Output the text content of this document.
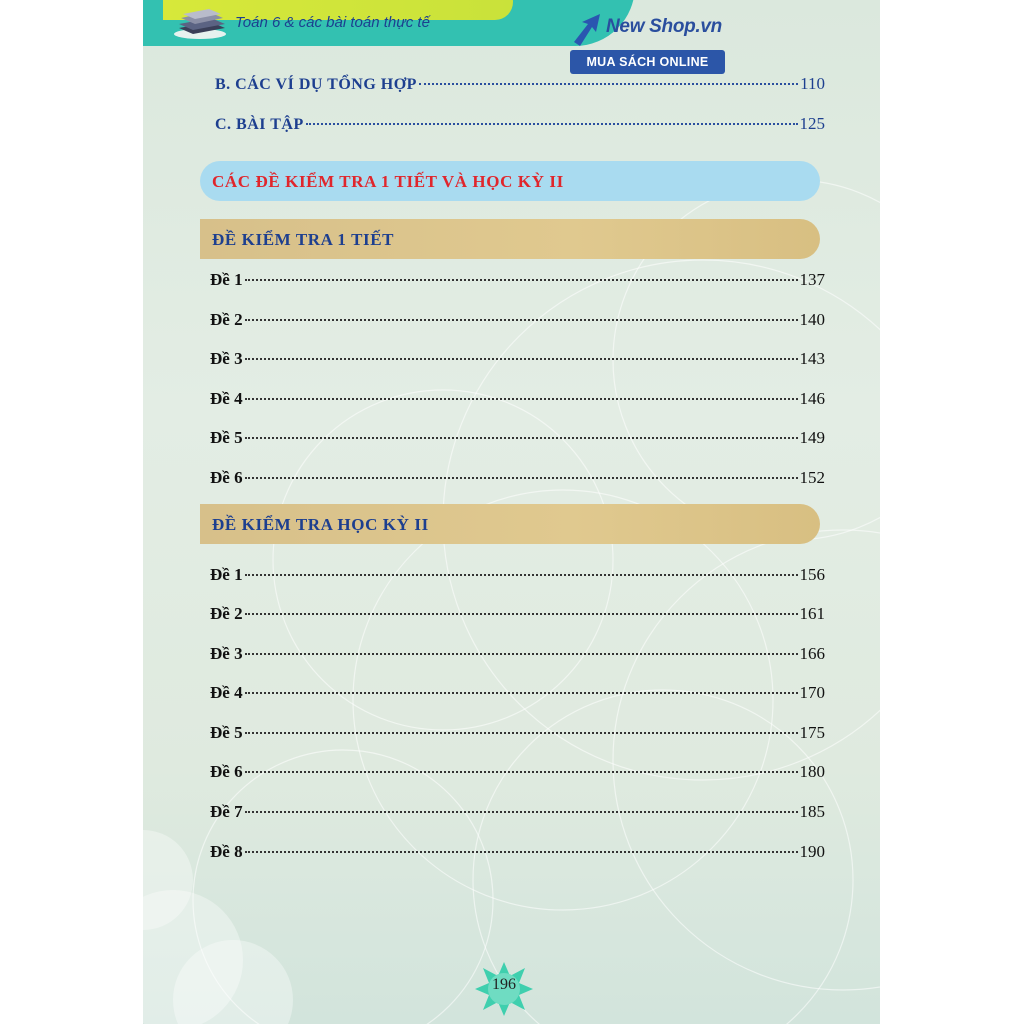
Toán 6 & các bài toán thực tế	New Shop.vn
MUA SÁCH ONLINE
B. CÁC VÍ DỤ TỔNG HỢP	110
C. BÀI TẬP	125
CÁC ĐỀ KIỂM TRA 1 TIẾT VÀ HỌC KỲ II
ĐỀ KIỂM TRA 1 TIẾT
Đề 1	137
Đề 2	140
Đề 3	143
Đề 4	146
Đề 5	149
Đề 6	152
ĐỀ KIỂM TRA HỌC KỲ II
Đề 1	156
Đề 2	161
Đề 3	166
Đề 4	170
Đề 5	175
Đề 6	180
Đề 7	185
Đề 8	190
196
